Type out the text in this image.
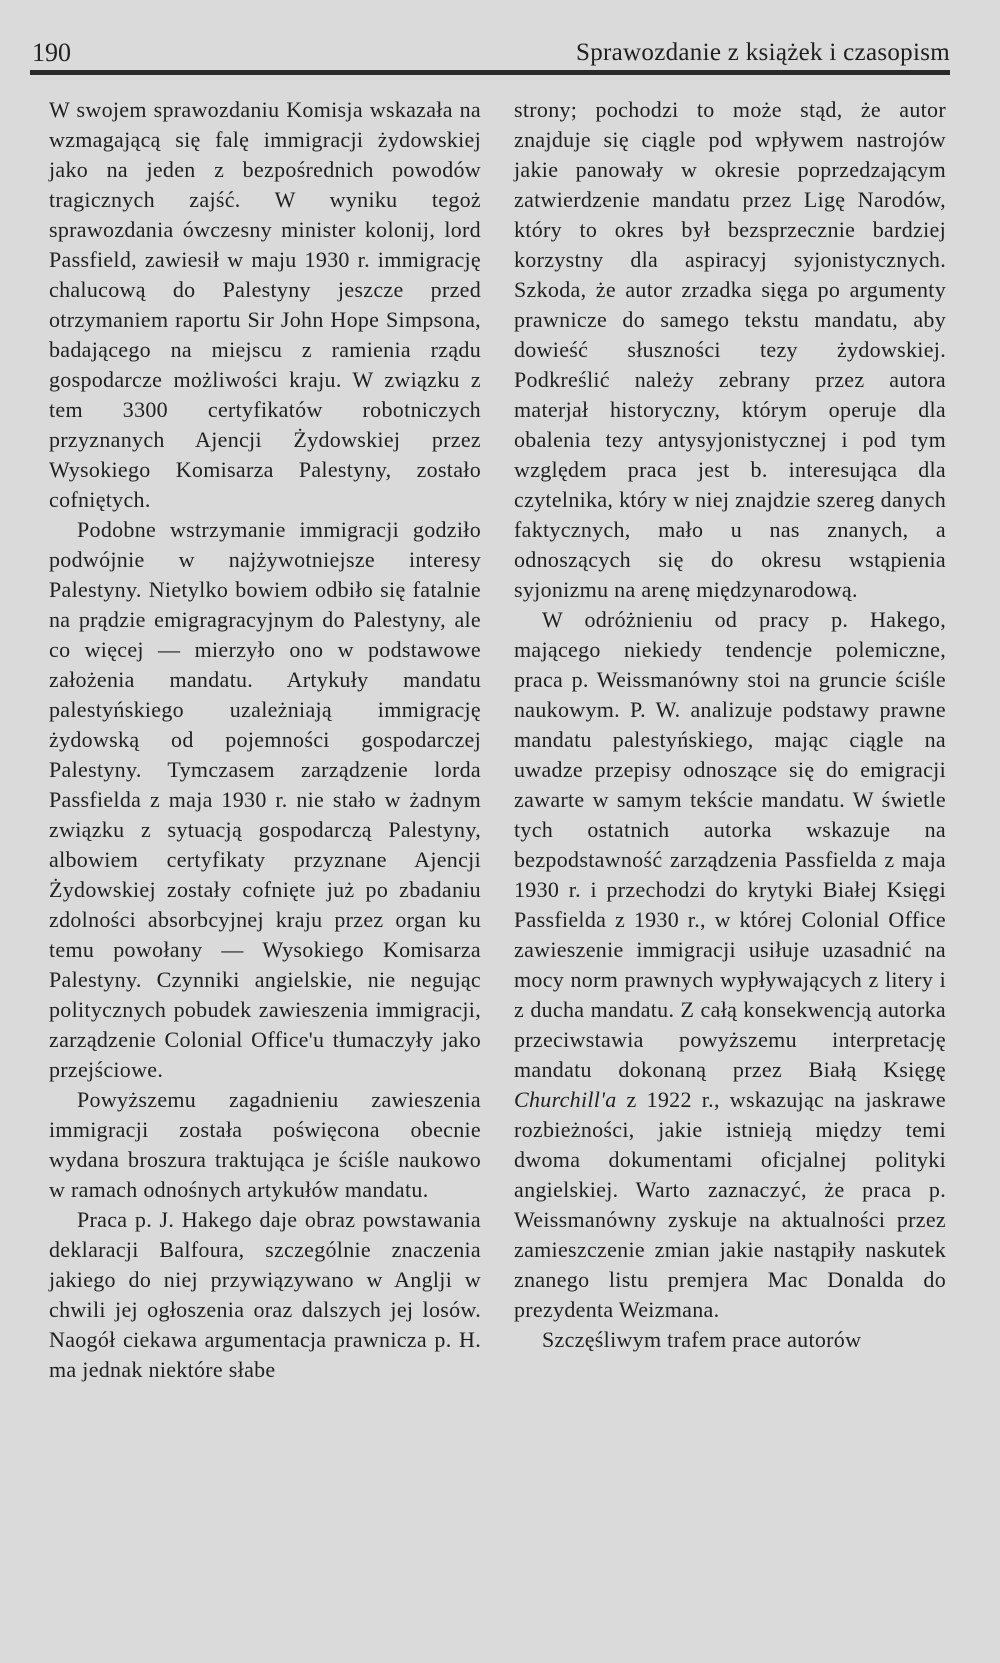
190	Sprawozdanie z książek i czasopism

W swojem sprawozdaniu Komisja wskazała na wzmagającą się falę immigracji żydowskiej jako na jeden z bezpośrednich powodów tragicznych zajść. W wyniku tegoż sprawozdania ówczesny minister kolonij, lord Passfield, zawiesił w maju 1930 r. immigrację chalucową do Palestyny jeszcze przed otrzymaniem raportu Sir John Hope Simpsona, badającego na miejscu z ramienia rządu gospodarcze możliwości kraju. W związku z tem 3300 certyfikatów robotniczych przyznanych Ajencji Żydowskiej przez Wysokiego Komisarza Palestyny, zostało cofniętych.

Podobne wstrzymanie immigracji godziło podwójnie w najżywotniejsze interesy Palestyny. Nietylko bowiem odbiło się fatalnie na prądzie emigragracyjnym do Palestyny, ale co więcej — mierzyło ono w podstawowe założenia mandatu. Artykuły mandatu palestyńskiego uzależniają immigrację żydowską od pojemności gospodarczej Palestyny. Tymczasem zarządzenie lorda Passfielda z maja 1930 r. nie stało w żadnym związku z sytuacją gospodarczą Palestyny, albowiem certyfikaty przyznane Ajencji Żydowskiej zostały cofnięte już po zbadaniu zdolności absorbcyjnej kraju przez organ ku temu powołany — Wysokiego Komisarza Palestyny. Czynniki angielskie, nie negując politycznych pobudek zawieszenia immigracji, zarządzenie Colonial Office'u tłumaczyły jako przejściowe.

Powyższemu zagadnieniu zawieszenia immigracji została poświęcona obecnie wydana broszura traktująca je ściśle naukowo w ramach odnośnych artykułów mandatu.

Praca p. J. Hakego daje obraz powstawania deklaracji Balfoura, szczególnie znaczenia jakiego do niej przywiązywano w Anglji w chwili jej ogłoszenia oraz dalszych jej losów. Naogół ciekawa argumentacja prawnicza p. H. ma jednak niektóre słabe

strony; pochodzi to może stąd, że autor znajduje się ciągle pod wpływem nastrojów jakie panowały w okresie poprzedzającym zatwierdzenie mandatu przez Ligę Narodów, który to okres był bezsprzecznie bardziej korzystny dla aspiracyj syjonistycznych. Szkoda, że autor zrzadka sięga po argumenty prawnicze do samego tekstu mandatu, aby dowieść słuszności tezy żydowskiej. Podkreślić należy zebrany przez autora materjał historyczny, którym operuje dla obalenia tezy antysyjonistycznej i pod tym względem praca jest b. interesująca dla czytelnika, który w niej znajdzie szereg danych faktycznych, mało u nas znanych, a odnoszących się do okresu wstąpienia syjonizmu na arenę międzynarodową.

W odróżnieniu od pracy p. Hakego, mającego niekiedy tendencje polemiczne, praca p. Weissmanówny stoi na gruncie ściśle naukowym. P. W. analizuje podstawy prawne mandatu palestyńskiego, mając ciągle na uwadze przepisy odnoszące się do emigracji zawarte w samym tekście mandatu. W świetle tych ostatnich autorka wskazuje na bezpodstawność zarządzenia Passfielda z maja 1930 r. i przechodzi do krytyki Białej Księgi Passfielda z 1930 r., w której Colonial Office zawieszenie immigracji usiłuje uzasadnić na mocy norm prawnych wypływających z litery i z ducha mandatu. Z całą konsekwencją autorka przeciwstawia powyższemu interpretację mandatu dokonaną przez Białą Księgę Churchill'a z 1922 r., wskazując na jaskrawe rozbieżności, jakie istnieją między temi dwoma dokumentami oficjalnej polityki angielskiej. Warto zaznaczyć, że praca p. Weissmanówny zyskuje na aktualności przez zamieszczenie zmian jakie nastąpiły naskutek znanego listu premjera Mac Donalda do prezydenta Weizmana.

Szczęśliwym trafem prace autorów
